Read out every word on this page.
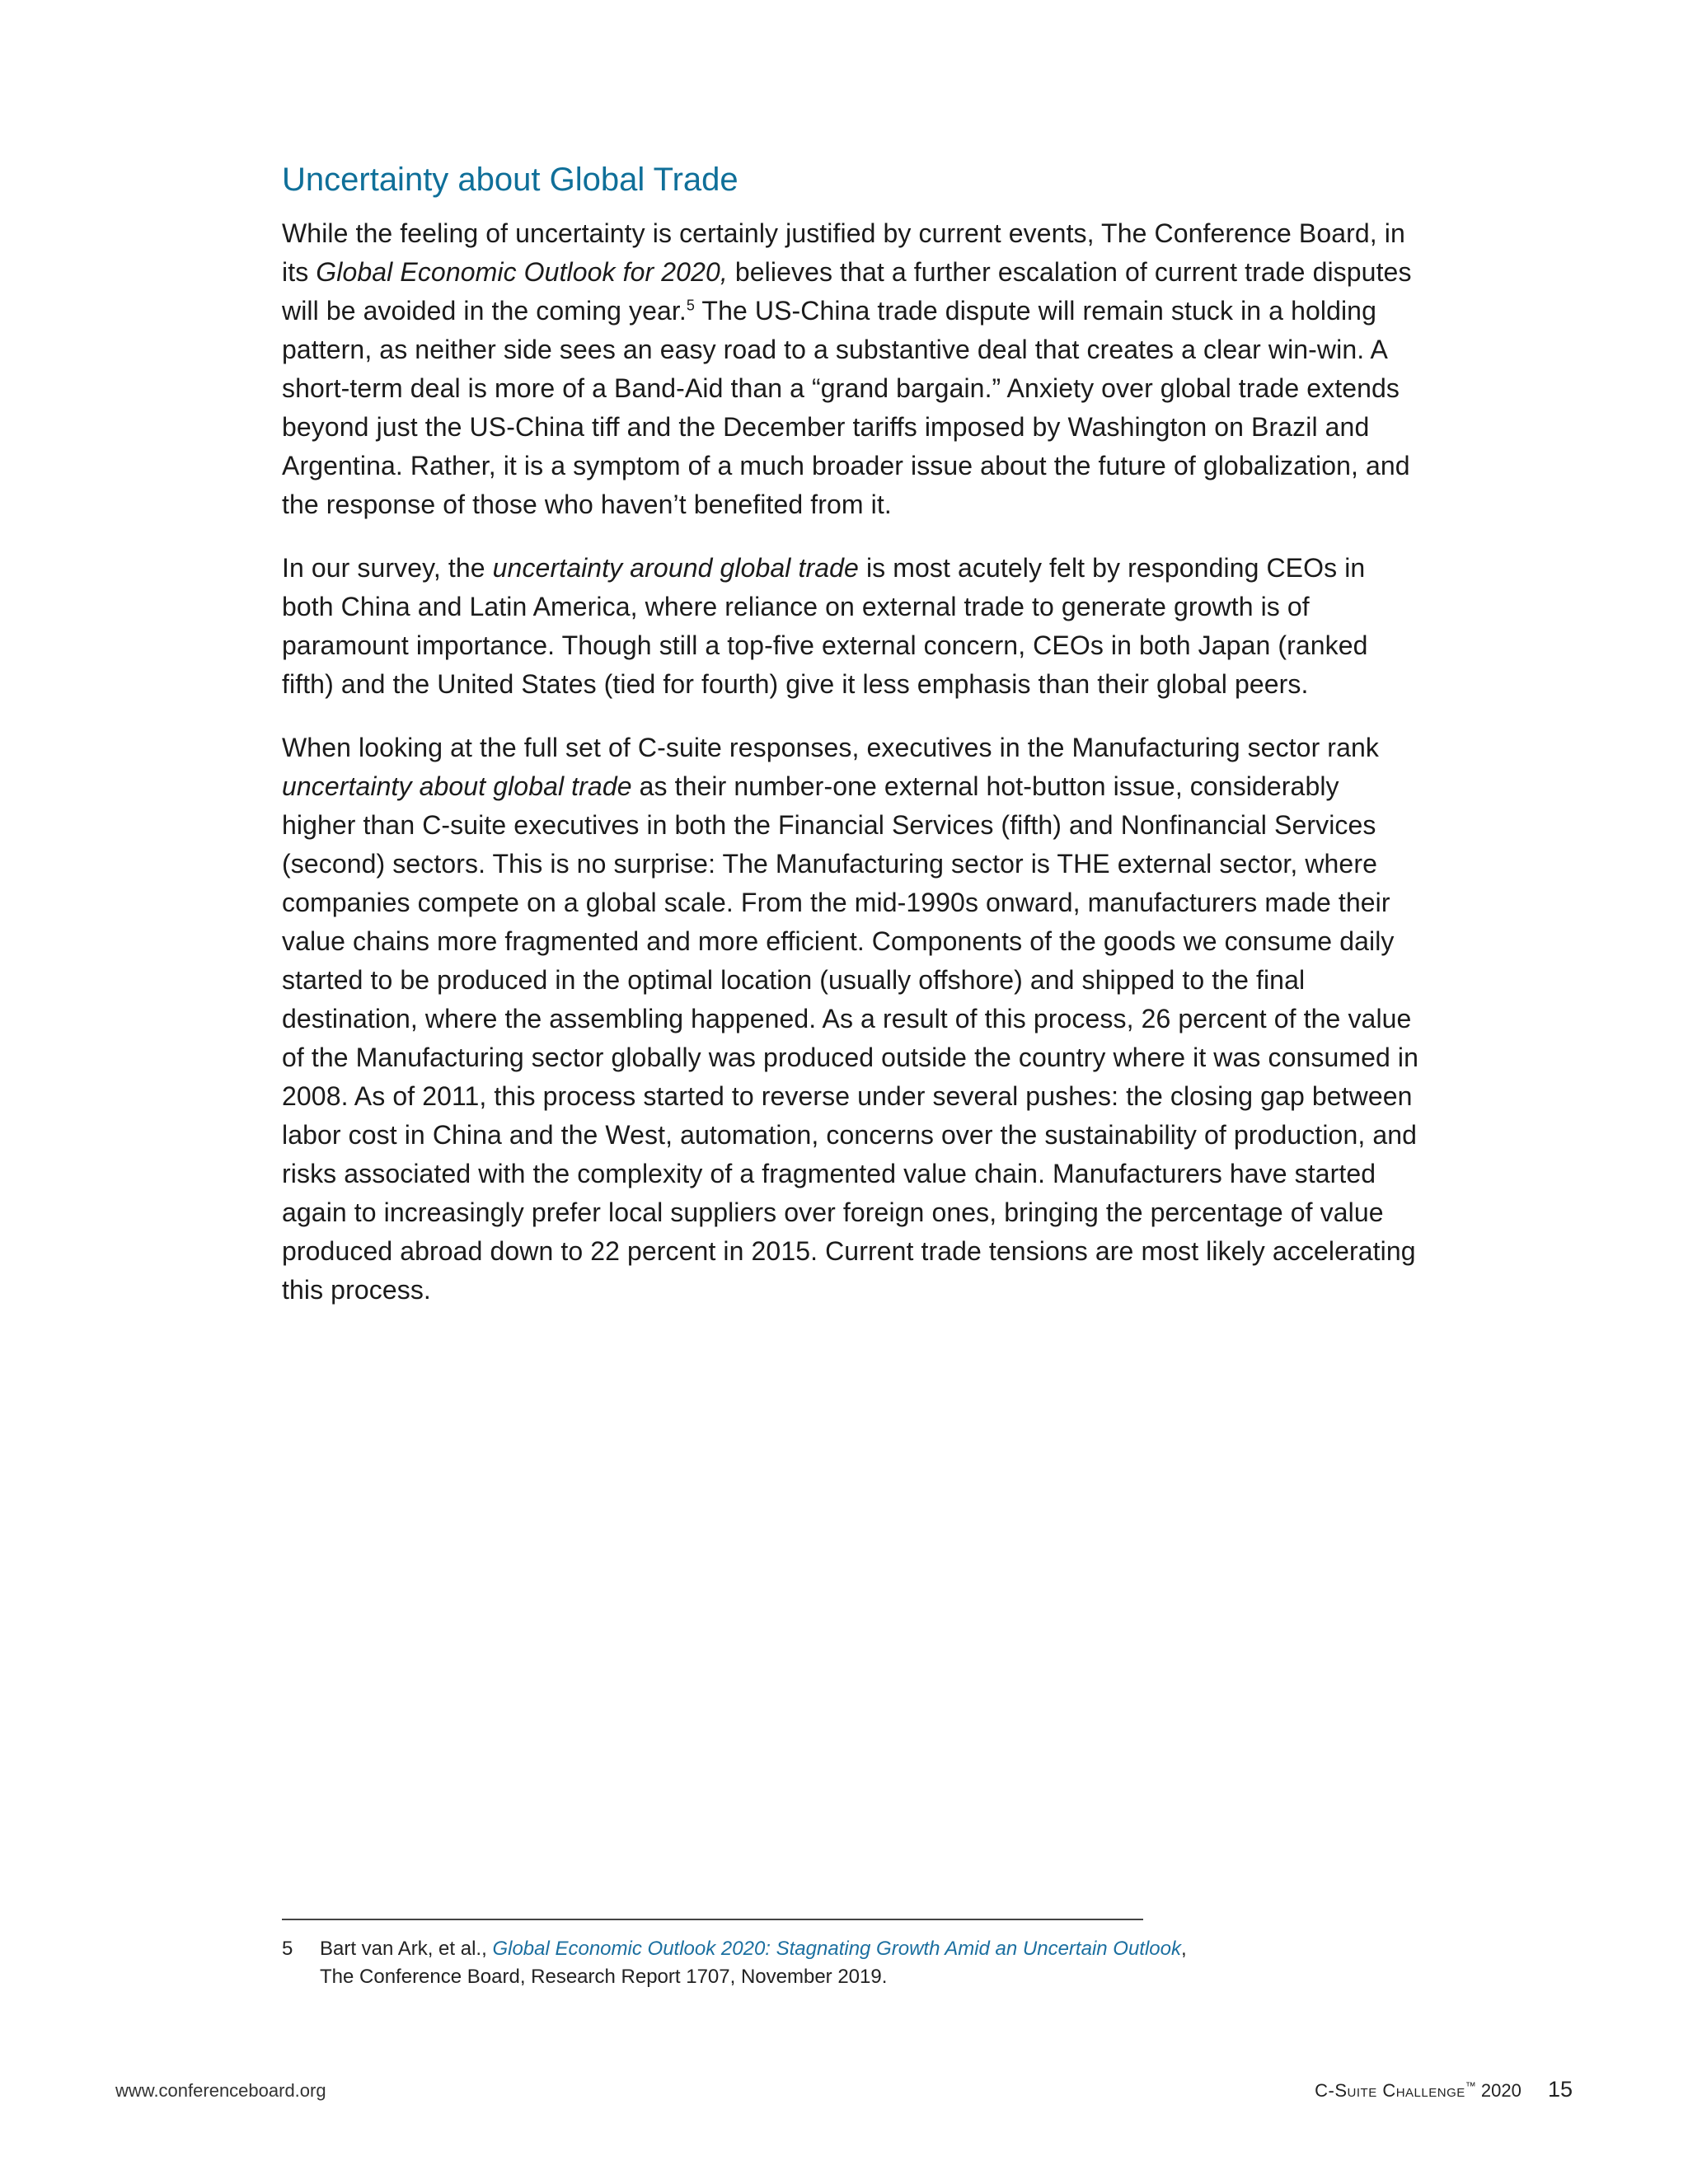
Uncertainty about Global Trade

While the feeling of uncertainty is certainly justified by current events, The Conference Board, in its Global Economic Outlook for 2020, believes that a further escalation of current trade disputes will be avoided in the coming year.$^5$ The US-China trade dispute will remain stuck in a holding pattern, as neither side sees an easy road to a substantive deal that creates a clear win-win. A short-term deal is more of a Band-Aid than a “grand bargain.” Anxiety over global trade extends beyond just the US-China tiff and the December tariffs imposed by Washington on Brazil and Argentina. Rather, it is a symptom of a much broader issue about the future of globalization, and the response of those who haven’t benefited from it.

In our survey, the uncertainty around global trade is most acutely felt by responding CEOs in both China and Latin America, where reliance on external trade to generate growth is of paramount importance. Though still a top-five external concern, CEOs in both Japan (ranked fifth) and the United States (tied for fourth) give it less emphasis than their global peers.

When looking at the full set of C-suite responses, executives in the Manufacturing sector rank uncertainty about global trade as their number-one external hot-button issue, considerably higher than C-suite executives in both the Financial Services (fifth) and Nonfinancial Services (second) sectors. This is no surprise: The Manufacturing sector is THE external sector, where companies compete on a global scale. From the mid-1990s onward, manufacturers made their value chains more fragmented and more efficient. Components of the goods we consume daily started to be produced in the optimal location (usually offshore) and shipped to the final destination, where the assembling happened. As a result of this process, 26 percent of the value of the Manufacturing sector globally was produced outside the country where it was consumed in 2008. As of 2011, this process started to reverse under several pushes: the closing gap between labor cost in China and the West, automation, concerns over the sustainability of production, and risks associated with the complexity of a fragmented value chain. Manufacturers have started again to increasingly prefer local suppliers over foreign ones, bringing the percentage of value produced abroad down to 22 percent in 2015. Current trade tensions are most likely accelerating this process.

5 Bart van Ark, et al., Global Economic Outlook 2020: Stagnating Growth Amid an Uncertain Outlook,
The Conference Board, Research Report 1707, November 2019.
www.conferenceboard.org	C-Suite Challenge™ 2020 15
